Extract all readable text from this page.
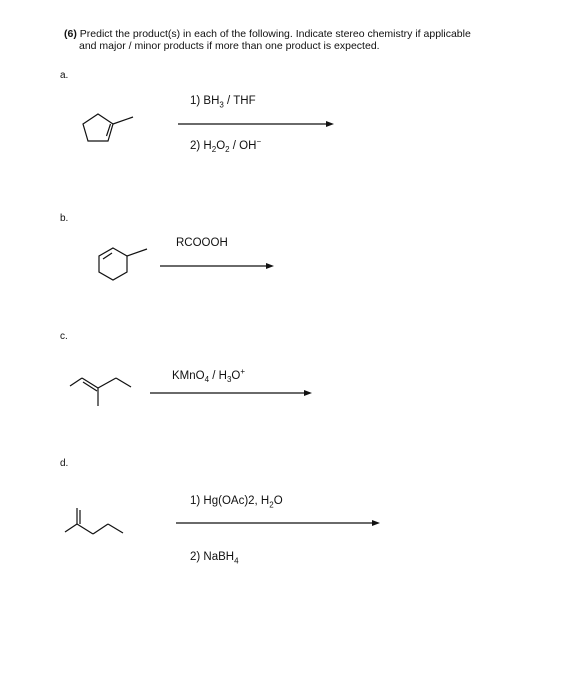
(6) Predict the product(s) in each of the following. Indicate stereo chemistry if applicable
and major / minor products if more than one product is expected.
a.
1) $BH_3$ / THF
2) $H_2O_2 / OH^-$
b.
RCOOOH
c.
KMnO$_4$ / $H_3O^+$
d.
1) Hg(OAc)2, $H_2O$
2) NaBH$_4$
